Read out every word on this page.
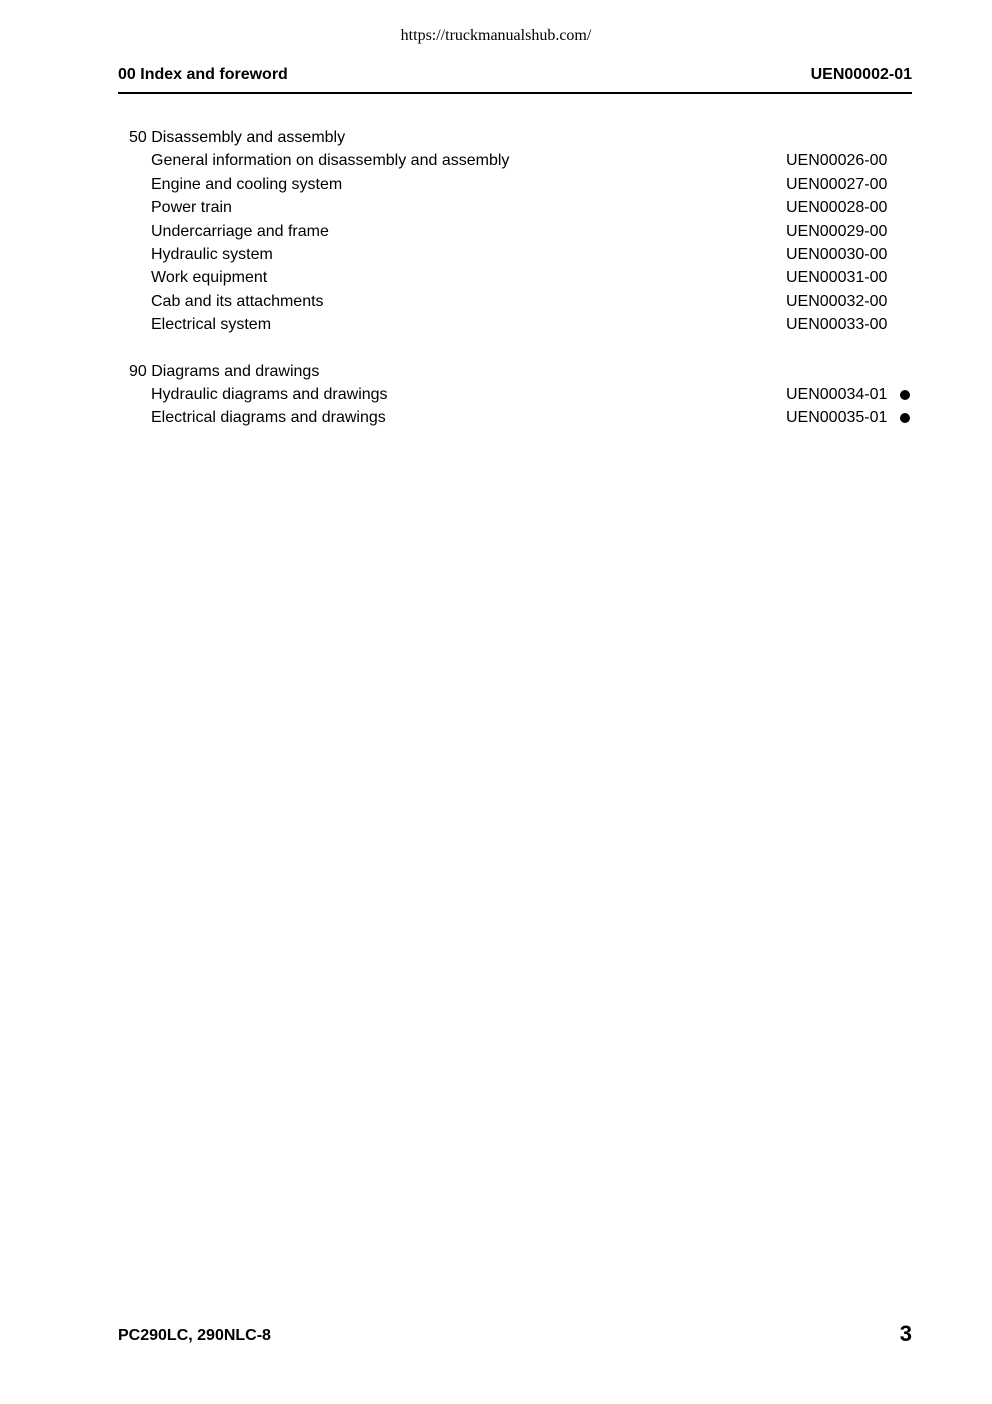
https://truckmanualshub.com/
00 Index and foreword	UEN00002-01
50 Disassembly and assembly
General information on disassembly and assembly	UEN00026-00
Engine and cooling system	UEN00027-00
Power train	UEN00028-00
Undercarriage and frame	UEN00029-00
Hydraulic system	UEN00030-00
Work equipment	UEN00031-00
Cab and its attachments	UEN00032-00
Electrical system	UEN00033-00
90 Diagrams and drawings
Hydraulic diagrams and drawings	UEN00034-01
Electrical diagrams and drawings	UEN00035-01
PC290LC, 290NLC-8	3
